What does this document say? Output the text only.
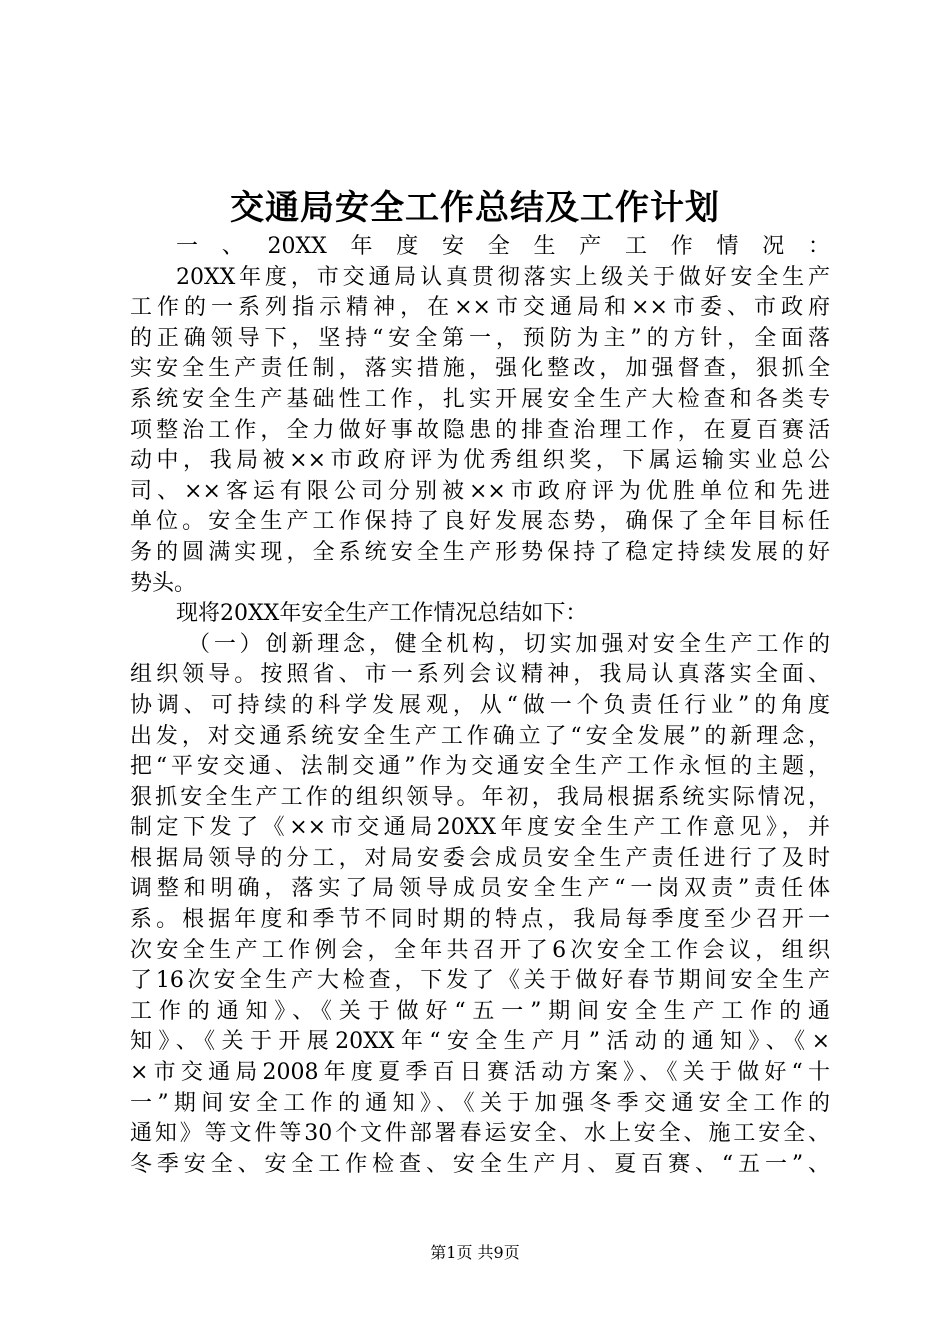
交通局安全工作总结及工作计划
一、20XX年度安全生产工作情况：
20XX年度，市交通局认真贯彻落实上级关于做好安全生产
工作的一系列指示精神，在××市交通局和××市委、市政府
的正确领导下，坚持“安全第一，预防为主”的方针，全面落
实安全生产责任制，落实措施，强化整改，加强督查，狠抓全
系统安全生产基础性工作，扎实开展安全生产大检查和各类专
项整治工作，全力做好事故隐患的排查治理工作，在夏百赛活
动中，我局被××市政府评为优秀组织奖，下属运输实业总公
司、××客运有限公司分别被××市政府评为优胜单位和先进
单位。安全生产工作保持了良好发展态势，确保了全年目标任
务的圆满实现，全系统安全生产形势保持了稳定持续发展的好
势头。
现将20XX年安全生产工作情况总结如下：
（一）创新理念，健全机构，切实加强对安全生产工作的
组织领导。按照省、市一系列会议精神，我局认真落实全面、
协调、可持续的科学发展观，从“做一个负责任行业”的角度
出发，对交通系统安全生产工作确立了“安全发展”的新理念，
把“平安交通、法制交通”作为交通安全生产工作永恒的主题，
狠抓安全生产工作的组织领导。年初，我局根据系统实际情况，
制定下发了《××市交通局20XX年度安全生产工作意见》，并
根据局领导的分工，对局安委会成员安全生产责任进行了及时
调整和明确，落实了局领导成员安全生产“一岗双责”责任体
系。根据年度和季节不同时期的特点，我局每季度至少召开一
次安全生产工作例会，全年共召开了6次安全工作会议，组织
了16次安全生产大检查，下发了《关于做好春节期间安全生产
工作的通知》、《关于做好“五一”期间安全生产工作的通
知》、《关于开展20XX年“安全生产月”活动的通知》、《×
×市交通局2008年度夏季百日赛活动方案》、《关于做好“十
一”期间安全工作的通知》、《关于加强冬季交通安全工作的
通知》等文件等30个文件部署春运安全、水上安全、施工安全、
冬季安全、安全工作检查、安全生产月、夏百赛、“五一”、
第1页 共9页
